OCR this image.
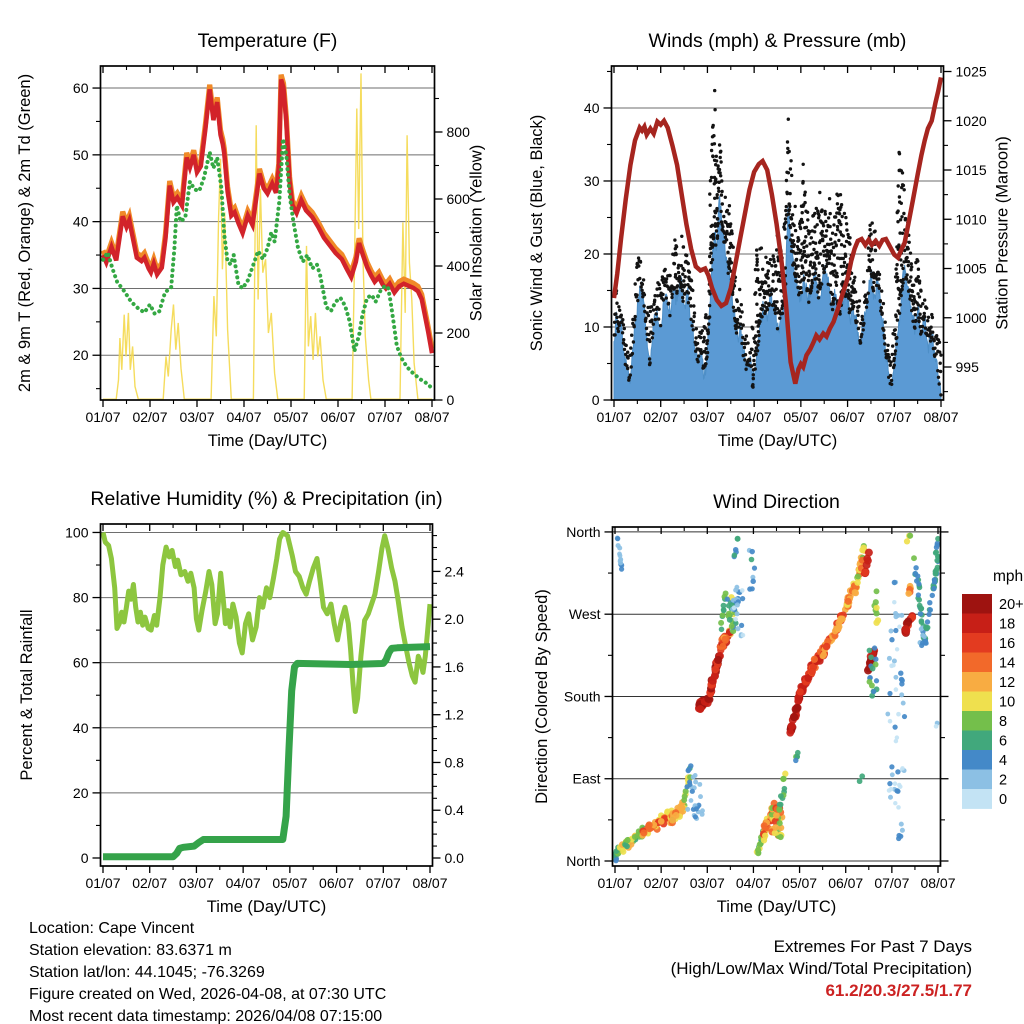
01/07 02/07 03/07 04/07 05/07 06/07 07/07 08/07
20
30
40
50
60
0
200
400
600
800
Temperature (F)
Time (Day/UTC)
2m & 9m T (Red, Orange) & 2m Td (Green)	Solar Insolation (Yellow)
01/07 02/07 03/07 04/07 05/07 06/07 07/07 08/07
0
10
20
30
40
995
1000
1005
1010
1015
1020
1025
Winds (mph) & Pressure (mb)
Time (Day/UTC)
Sonic Wind & Gust (Blue, Black)	Station Pressure (Maroon)
01/07 02/07 03/07 04/07 05/07 06/07 07/07 08/07
0
20
40
60
80
100
0.0
0.4
0.8
1.2
1.6
2.0
2.4
Relative Humidity (%) & Precipitation (in)
Time (Day/UTC)
Percent & Total Rainfall
01/07 02/07 03/07 04/07 05/07 06/07 07/07 08/07
North
East
South
West
North
Wind Direction
Time (Day/UTC)
Direction (Colored By Speed)
mph
20+
18
16
14
12
10
8
6
4
2
0
Location: Cape Vincent
Station elevation: 83.6371 m
Station lat/lon: 44.1045; -76.3269
Figure created on Wed, 2026-04-08, at 07:30 UTC
Most recent data timestamp: 2026/04/08 07:15:00
Extremes For Past 7 Days
(High/Low/Max Wind/Total Precipitation)
61.2/20.3/27.5/1.77
